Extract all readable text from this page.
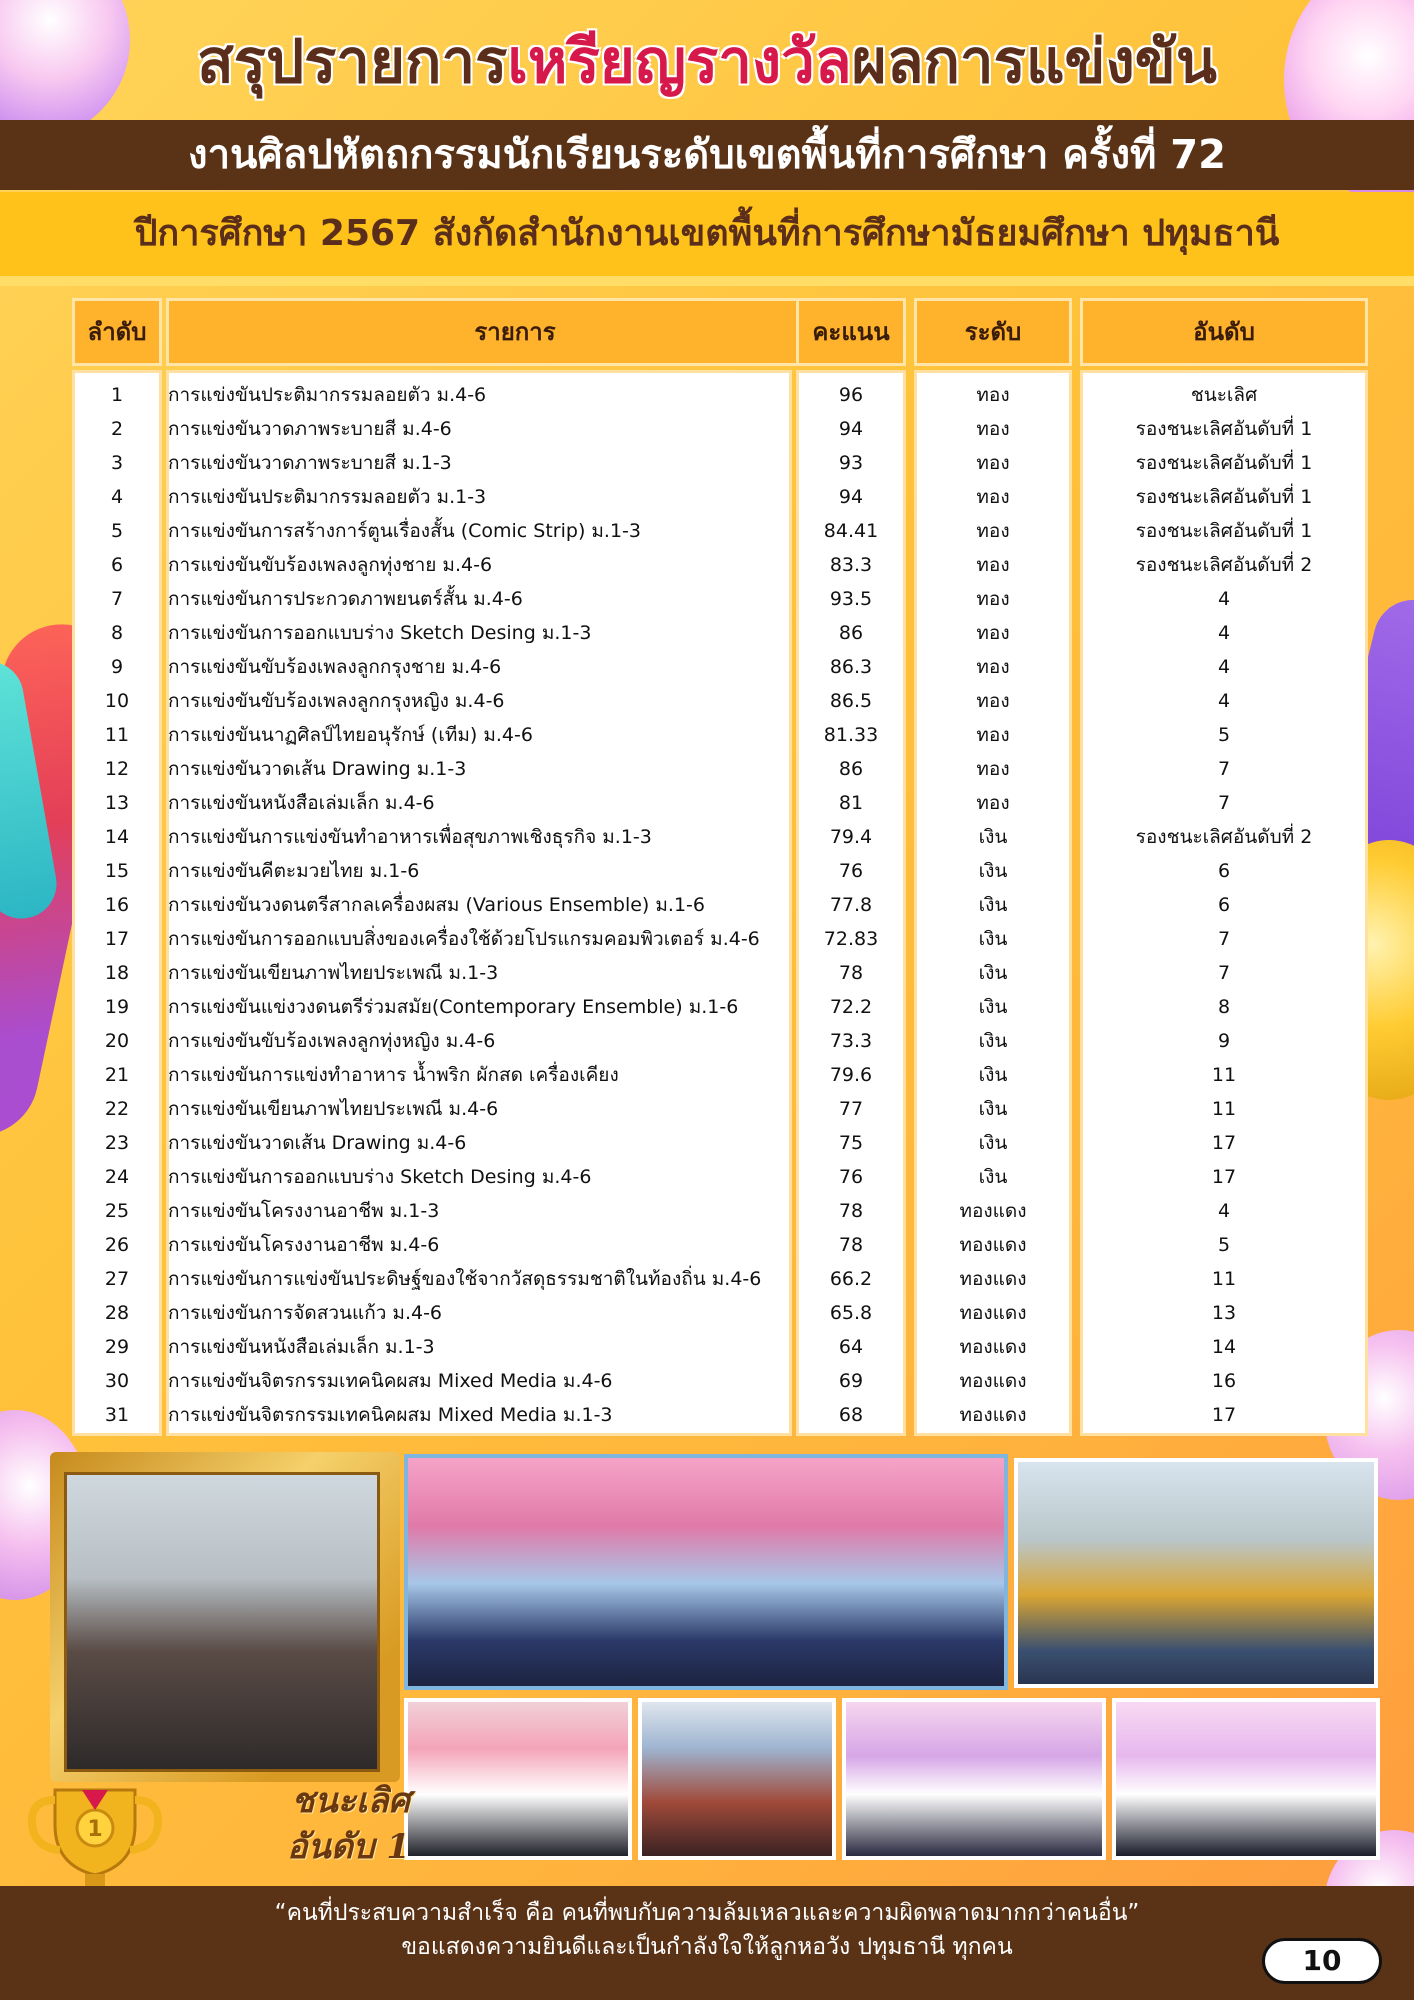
สรุปรายการเหรียญรางวัลผลการแข่งขัน
งานศิลปหัตถกรรมนักเรียนระดับเขตพื้นที่การศึกษา ครั้งที่ 72
ปีการศึกษา 2567 สังกัดสำนักงานเขตพื้นที่การศึกษามัธยมศึกษา ปทุมธานี
ลำดับ	รายการ	คะแนน	ระดับ	อันดับ
1	การแข่งขันประติมากรรมลอยตัว ม.4-6	96	ทอง	ชนะเลิศ
2	การแข่งขันวาดภาพระบายสี ม.4-6	94	ทอง	รองชนะเลิศอันดับที่ 1
3	การแข่งขันวาดภาพระบายสี ม.1-3	93	ทอง	รองชนะเลิศอันดับที่ 1
4	การแข่งขันประติมากรรมลอยตัว ม.1-3	94	ทอง	รองชนะเลิศอันดับที่ 1
5	การแข่งขันการสร้างการ์ตูนเรื่องสั้น (Comic Strip) ม.1-3	84.41	ทอง	รองชนะเลิศอันดับที่ 1
6	การแข่งขันขับร้องเพลงลูกทุ่งชาย ม.4-6	83.3	ทอง	รองชนะเลิศอันดับที่ 2
7	การแข่งขันการประกวดภาพยนตร์สั้น ม.4-6	93.5	ทอง	4
8	การแข่งขันการออกแบบร่าง Sketch Desing ม.1-3	86	ทอง	4
9	การแข่งขันขับร้องเพลงลูกกรุงชาย ม.4-6	86.3	ทอง	4
10	การแข่งขันขับร้องเพลงลูกกรุงหญิง ม.4-6	86.5	ทอง	4
11	การแข่งขันนาฏศิลป์ไทยอนุรักษ์ (เทีม) ม.4-6	81.33	ทอง	5
12	การแข่งขันวาดเส้น Drawing ม.1-3	86	ทอง	7
13	การแข่งขันหนังสือเล่มเล็ก ม.4-6	81	ทอง	7
14	การแข่งขันการแข่งขันทำอาหารเพื่อสุขภาพเชิงธุรกิจ ม.1-3	79.4	เงิน	รองชนะเลิศอันดับที่ 2
15	การแข่งขันคีตะมวยไทย ม.1-6	76	เงิน	6
16	การแข่งขันวงดนตรีสากลเครื่องผสม (Various Ensemble) ม.1-6	77.8	เงิน	6
17	การแข่งขันการออกแบบสิ่งของเครื่องใช้ด้วยโปรแกรมคอมพิวเตอร์ ม.4-6	72.83	เงิน	7
18	การแข่งขันเขียนภาพไทยประเพณี ม.1-3	78	เงิน	7
19	การแข่งขันแข่งวงดนตรีร่วมสมัย(Contemporary Ensemble) ม.1-6	72.2	เงิน	8
20	การแข่งขันขับร้องเพลงลูกทุ่งหญิง ม.4-6	73.3	เงิน	9
21	การแข่งขันการแข่งทำอาหาร น้ำพริก ผักสด เครื่องเคียง	79.6	เงิน	11
22	การแข่งขันเขียนภาพไทยประเพณี ม.4-6	77	เงิน	11
23	การแข่งขันวาดเส้น Drawing ม.4-6	75	เงิน	17
24	การแข่งขันการออกแบบร่าง Sketch Desing ม.4-6	76	เงิน	17
25	การแข่งขันโครงงานอาชีพ ม.1-3	78	ทองแดง	4
26	การแข่งขันโครงงานอาชีพ ม.4-6	78	ทองแดง	5
27	การแข่งขันการแข่งขันประดิษฐ์ของใช้จากวัสดุธรรมชาติในท้องถิ่น ม.4-6	66.2	ทองแดง	11
28	การแข่งขันการจัดสวนแก้ว ม.4-6	65.8	ทองแดง	13
29	การแข่งขันหนังสือเล่มเล็ก ม.1-3	64	ทองแดง	14
30	การแข่งขันจิตรกรรมเทคนิคผสม Mixed Media ม.4-6	69	ทองแดง	16
31	การแข่งขันจิตรกรรมเทคนิคผสม Mixed Media ม.1-3	68	ทองแดง	17
1
ชนะเลิศ
อันดับ 1
“คนที่ประสบความสำเร็จ คือ คนที่พบกับความล้มเหลวและความผิดพลาดมากกว่าคนอื่น”
ขอแสดงความยินดีและเป็นกำลังใจให้ลูกหอวัง ปทุมธานี ทุกคน	10
